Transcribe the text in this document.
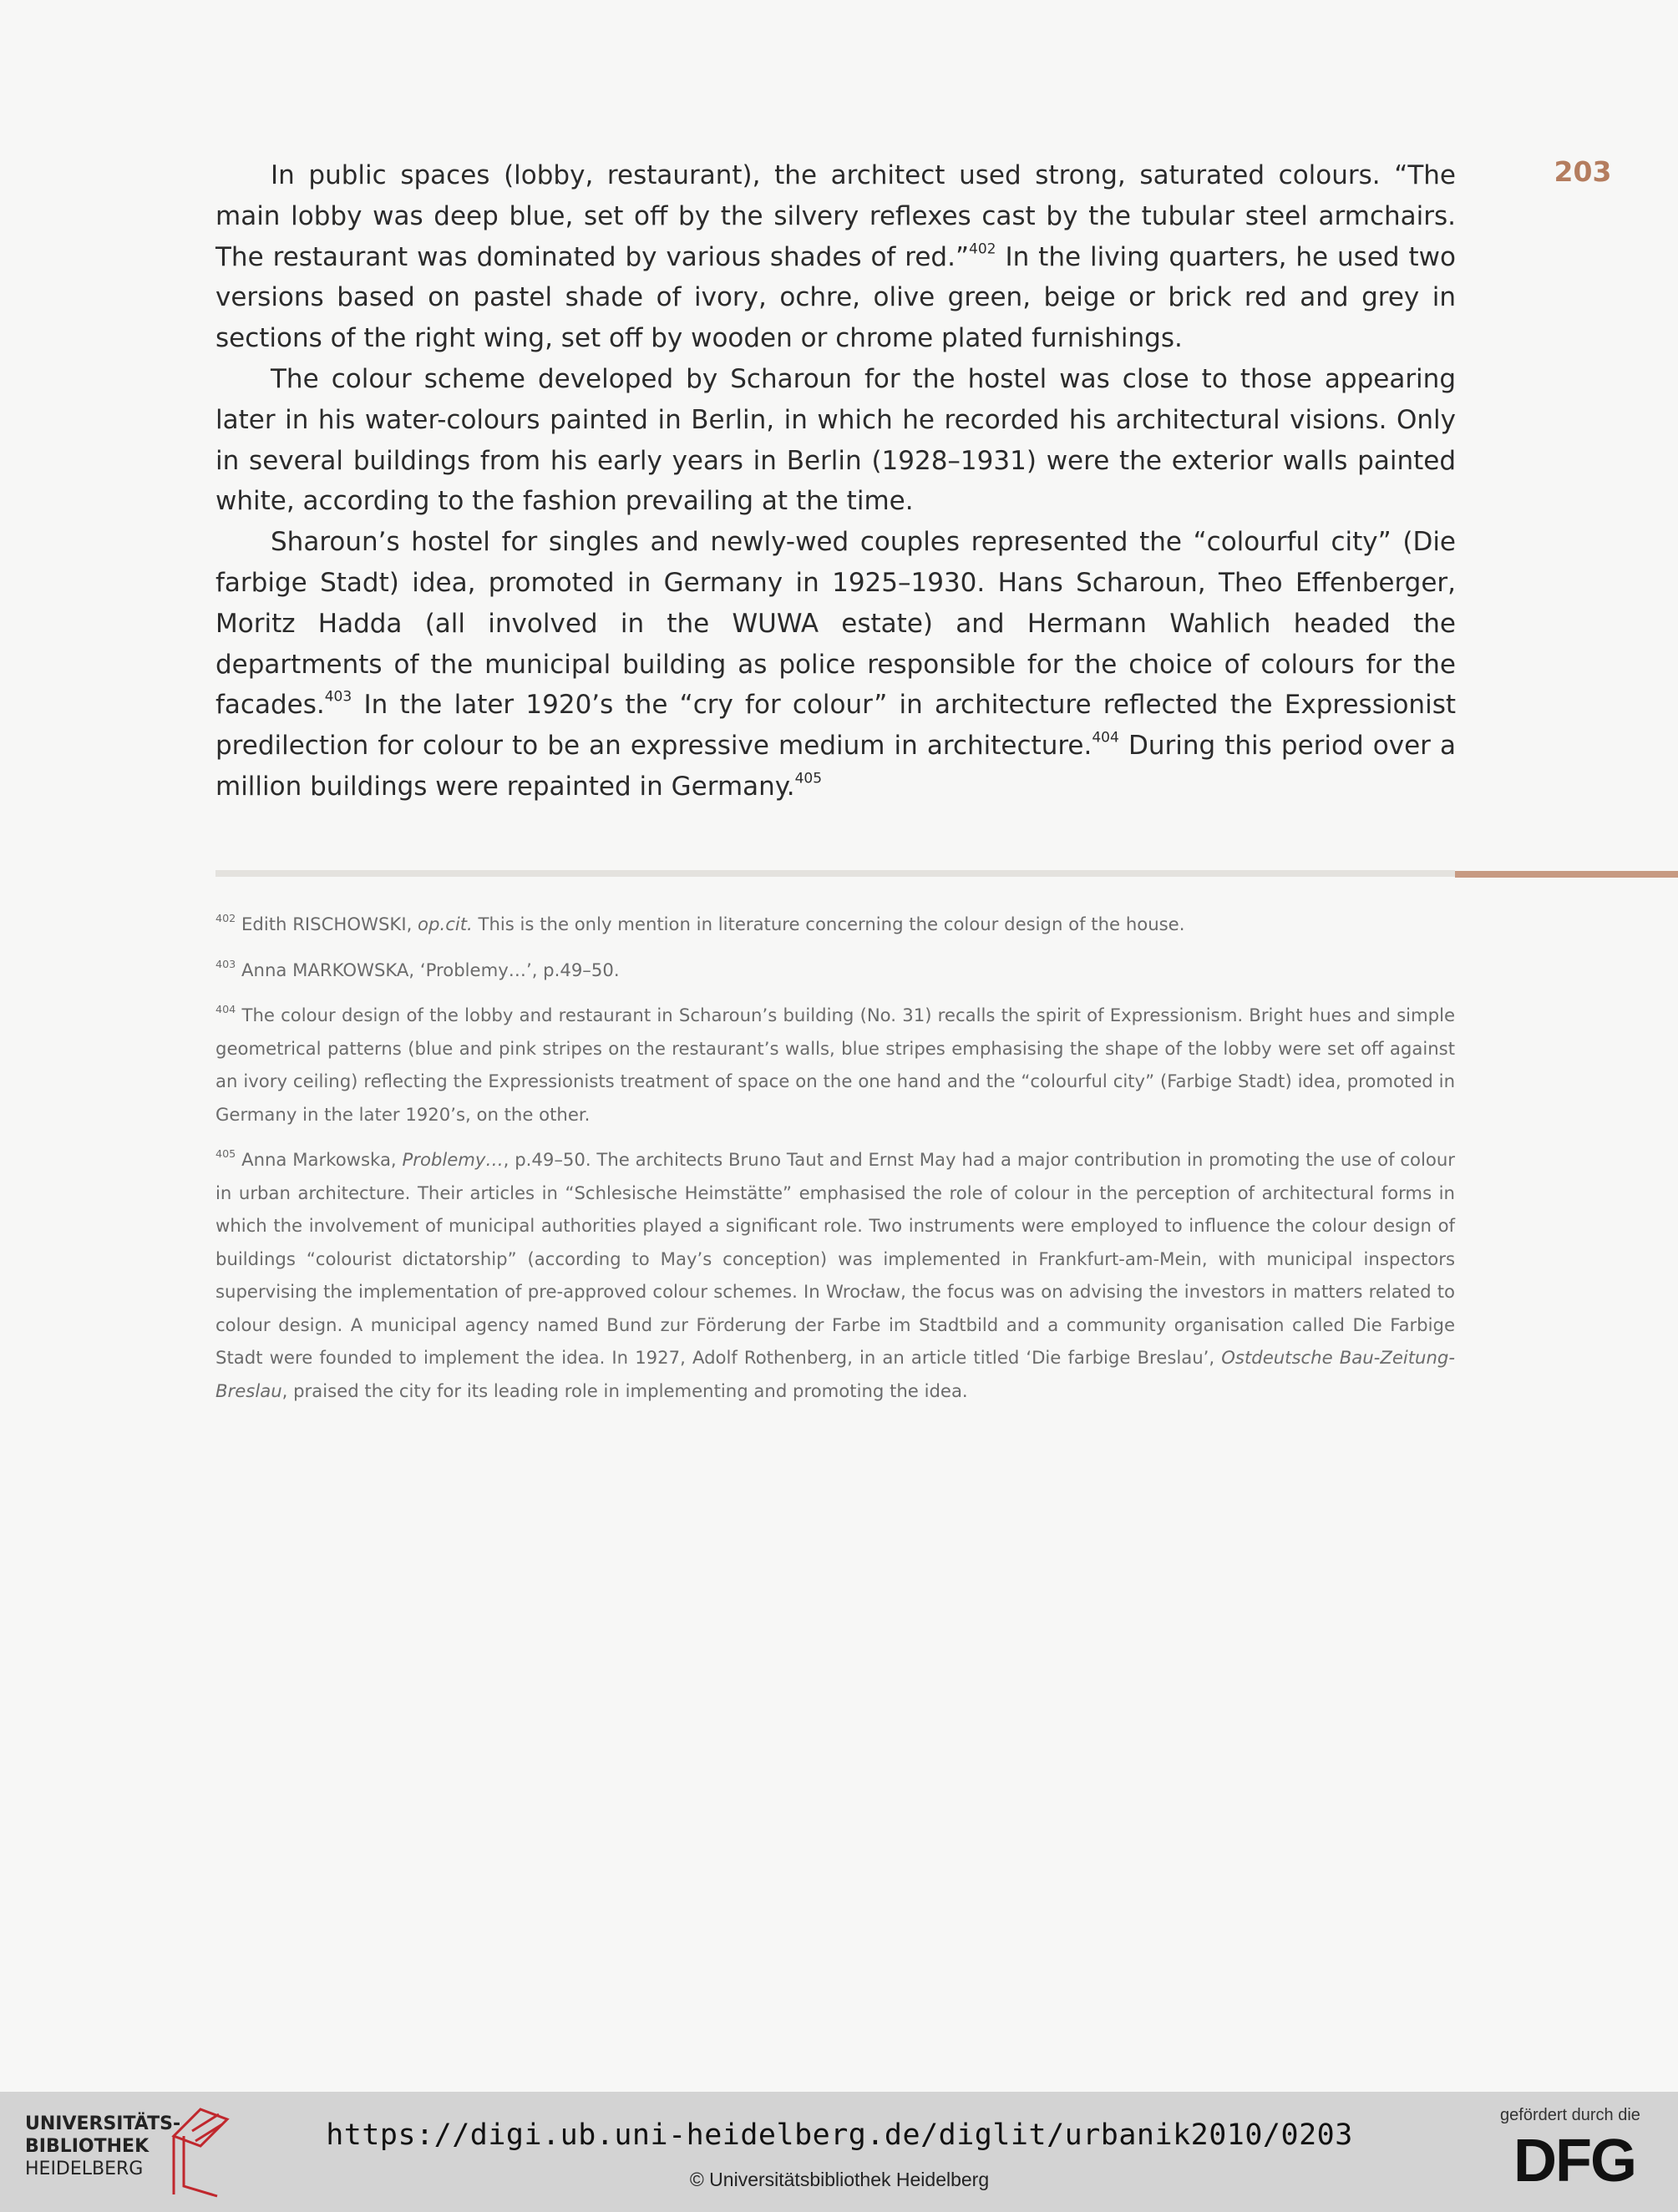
203

In public spaces (lobby, restaurant), the architect used strong, saturated colours. “The main lobby was deep blue, set off by the silvery reflexes cast by the tubular steel armchairs. The restaurant was dominated by various shades of red.”$^{402}$ In the living quarters, he used two versions based on pastel shade of ivory, ochre, olive green, beige or brick red and grey in sections of the right wing, set off by wooden or chrome plated furnishings.

The colour scheme developed by Scharoun for the hostel was close to those appearing later in his water-colours painted in Berlin, in which he recorded his architectural visions. Only in several buildings from his early years in Berlin (1928–1931) were the exterior walls painted white, according to the fashion prevailing at the time.

Sharoun’s hostel for singles and newly-wed couples represented the “colourful city” (Die farbige Stadt) idea, promoted in Germany in 1925–1930. Hans Scharoun, Theo Effenberger, Moritz Hadda (all involved in the WUWA estate) and Hermann Wahlich headed the departments of the municipal building as police responsible for the choice of colours for the facades.$^{403}$ In the later 1920’s the “cry for colour” in architecture reflected the Expressionist predilection for colour to be an expressive medium in architecture.$^{404}$ During this period over a million buildings were repainted in Germany.$^{405}$

$^{402}$ Edith RISCHOWSKI, op.cit. This is the only mention in literature concerning the colour design of the house.

$^{403}$ Anna MARKOWSKA, ‘Problemy…’, p.49–50.

$^{404}$ The colour design of the lobby and restaurant in Scharoun’s building (No. 31) recalls the spirit of Expressionism. Bright hues and simple geometrical patterns (blue and pink stripes on the restaurant’s walls, blue stripes emphasising the shape of the lobby were set off against an ivory ceiling) reflecting the Expressionists treatment of space on the one hand and the “colourful city” (Farbige Stadt) idea, promoted in Germany in the later 1920’s, on the other.

$^{405}$ Anna Markowska, Problemy…, p.49–50. The architects Bruno Taut and Ernst May had a major contribution in promoting the use of colour in urban architecture. Their articles in “Schlesische Heimstätte” emphasised the role of colour in the perception of architectural forms in which the involvement of municipal authorities played a significant role. Two instruments were employed to influence the colour design of buildings “colourist dictatorship” (according to May’s conception) was implemented in Frankfurt-am-Mein, with municipal inspectors supervising the implementation of pre-approved colour schemes. In Wrocław, the focus was on advising the investors in matters related to colour design. A municipal agency named Bund zur Förderung der Farbe im Stadtbild and a community organisation called Die Farbige Stadt were founded to implement the idea. In 1927, Adolf Rothenberg, in an article titled ‘Die farbige Breslau’, Ostdeutsche Bau-Zeitung-Breslau, praised the city for its leading role in implementing and promoting the idea.

UNIVERSITÄTS-
BIBLIOTHEK
HEIDELBERG
https://digi.ub.uni-heidelberg.de/diglit/urbanik2010/0203
© Universitätsbibliothek Heidelberg
gefördert durch die
DFG
